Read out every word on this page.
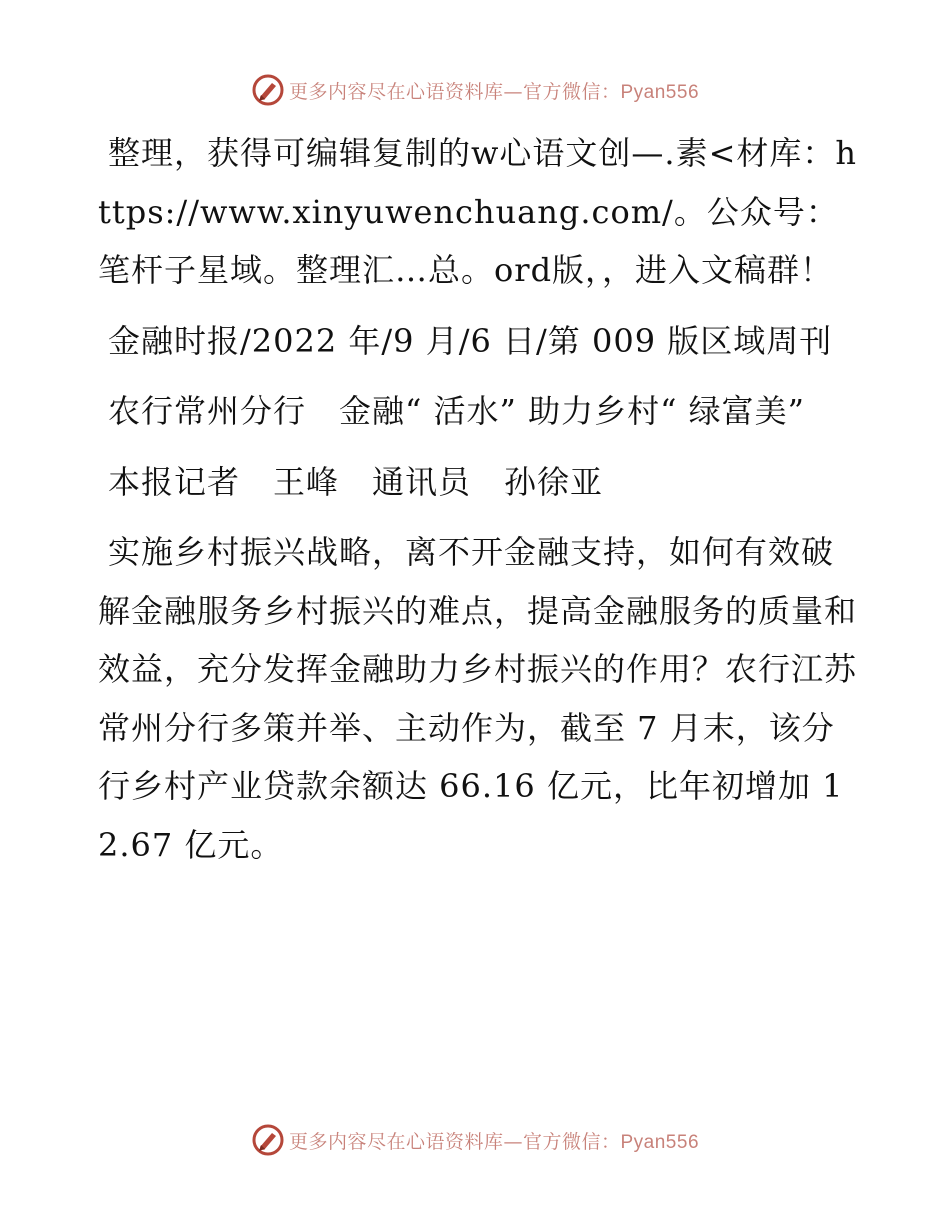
更多内容尽在心语资料库—官方微信：Pyan556

整理，获得可编辑复制的w心语文创—.素<材库：https://www.xinyuwenchuang.com/。公众号：笔杆子星域。整理汇…总。ord版，，进入文稿群！

金融时报/2022 年/9 月/6 日/第 009 版区域周刊

农行常州分行　金融“ 活水” 助力乡村“ 绿富美”

本报记者　王峰　通讯员　孙徐亚

实施乡村振兴战略，离不开金融支持，如何有效破解金融服务乡村振兴的难点，提高金融服务的质量和效益，充分发挥金融助力乡村振兴的作用？农行江苏常州分行多策并举、主动作为，截至 7 月末，该分行乡村产业贷款余额达 66.16 亿元，比年初增加 12.67 亿元。

更多内容尽在心语资料库—官方微信：Pyan556
